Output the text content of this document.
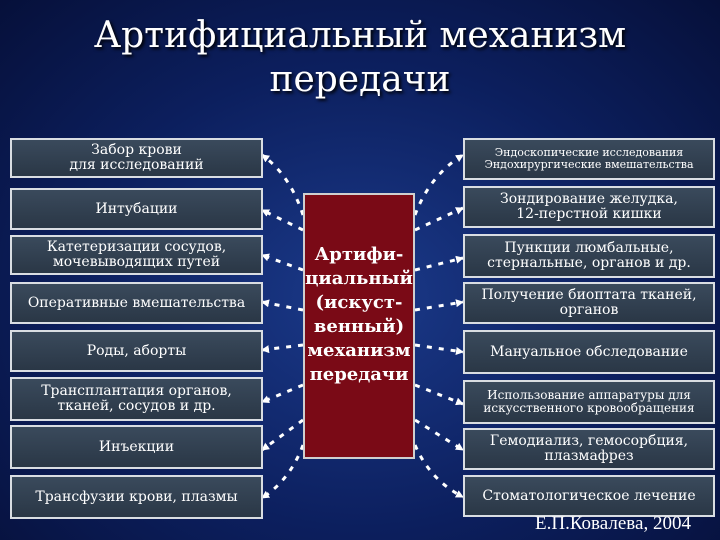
Артифициальный механизм
передачи
Забор крови
для исследований
Интубации
Катетеризации сосудов,
мочевыводящих путей
Оперативные вмешательства
Роды, аборты
Трансплантация органов,
тканей, сосудов и др.
Инъекции
Трансфузии крови, плазмы
Артифи-
циальный
(искуст-
венный)
механизм
передачи
Эндоскопические исследования
Эндохирургические вмешательства
Зондирование желудка,
12-перстной кишки
Пункции люмбальные,
стернальные, органов и др.
Получение биоптата тканей,
органов
Мануальное обследование
Использование аппаратуры для
искусственного кровообращения
Гемодиализ, гемосорбция,
плазмафрез
Стоматологическое лечение
Е.П.Ковалева, 2004
